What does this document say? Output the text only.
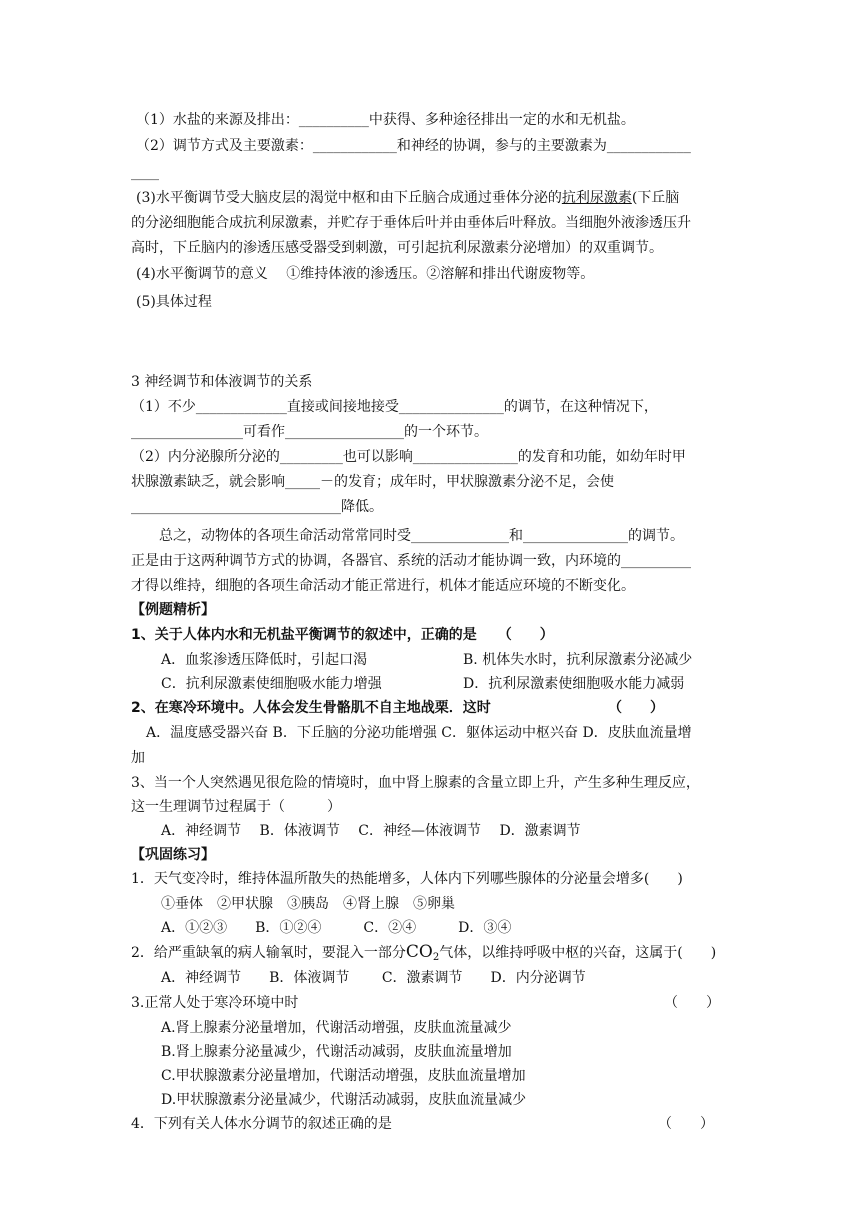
（1）水盐的来源及排出：__________中获得、多种途径排出一定的水和无机盐。
（2）调节方式及主要激素：____________和神经的协调，参与的主要激素为____________
____
(3)水平衡调节受大脑皮层的渴觉中枢和由下丘脑合成通过垂体分泌的抗利尿激素(下丘脑
的分泌细胞能合成抗利尿激素，并贮存于垂体后叶并由垂体后叶释放。当细胞外液渗透压升
高时，下丘脑内的渗透压感受器受到刺激，可引起抗利尿激素分泌增加）的双重调节。
(4)水平衡调节的意义　 ①维持体液的渗透压。②溶解和排出代谢废物等。
(5)具体过程
3 神经调节和体液调节的关系
（1）不少_____________直接或间接地接受_______________的调节，在这种情况下，
________________可看作_________________的一个环节。
（2）内分泌腺所分泌的_________也可以影响_______________的发育和功能，如幼年时甲
状腺激素缺乏，就会影响_____－的发育；成年时，甲状腺激素分泌不足，会使
______________________________降低。
　　总之，动物体的各项生命活动常常同时受______________和_______________的调节。
正是由于这两种调节方式的协调，各器官、系统的活动才能协调一致，内环境的__________
才得以维持，细胞的各项生命活动才能正常进行，机体才能适应环境的不断变化。
【例题精析】
1、关于人体内水和无机盐平衡调节的叙述中，正确的是　　（　　）
A．血浆渗透压降低时，引起口渴	B. 机体失水时，抗利尿激素分泌减少
C．抗利尿激素使细胞吸水能力增强	D．抗利尿激素使细胞吸水能力减弱
2、在寒冷环境中。人体会发生骨骼肌不自主地战栗．这时	（　　）
A．温度感受器兴奋 B．下丘脑的分泌功能增强 C．躯体运动中枢兴奋 D．皮肤血流量增
加
3、当一个人突然遇见很危险的情境时，血中肾上腺素的含量立即上升，产生多种生理反应，
这一生理调节过程属于（　　　）
A．神经调节　 B．体液调节　 C．神经—体液调节　 D．激素调节
【巩固练习】
1．天气变冷时，维持体温所散失的热能增多，人体内下列哪些腺体的分泌量会增多(　　)
①垂体　②甲状腺　③胰岛　④肾上腺　⑤卵巢
A．①②③　　B．①②④　　　C．②④　　　D．③④
2．给严重缺氧的病人输氧时，要混入一部分$CO_2$气体，以维持呼吸中枢的兴奋，这属于(　　)
A．神经调节　　B．体液调节　　 C．激素调节　　D．内分泌调节
3.正常人处于寒冷环境中时	（　　）
A.肾上腺素分泌量增加，代谢活动增强，皮肤血流量减少
B.肾上腺素分泌量减少，代谢活动减弱，皮肤血流量增加
C.甲状腺激素分泌量增加，代谢活动增强，皮肤血流量增加
D.甲状腺激素分泌量减少，代谢活动减弱，皮肤血流量减少
4．下列有关人体水分调节的叙述正确的是	（　　）
